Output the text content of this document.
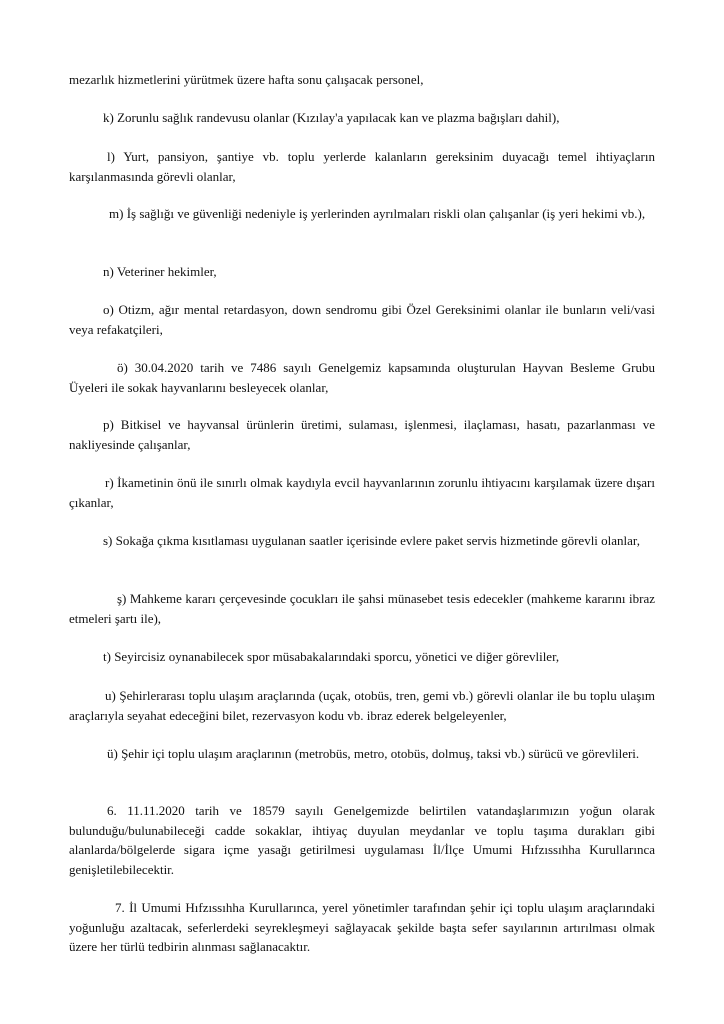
mezarlık hizmetlerini yürütmek üzere hafta sonu çalışacak personel,

k) Zorunlu sağlık randevusu olanlar (Kızılay'a yapılacak kan ve plazma bağışları dahil),

l) Yurt, pansiyon, şantiye vb. toplu yerlerde kalanların gereksinim duyacağı temel ihtiyaçların karşılanmasında görevli olanlar,

m) İş sağlığı ve güvenliği nedeniyle iş yerlerinden ayrılmaları riskli olan çalışanlar (iş yeri hekimi vb.),

n) Veteriner hekimler,

o) Otizm, ağır mental retardasyon, down sendromu gibi Özel Gereksinimi olanlar ile bunların veli/vasi veya refakatçileri,

ö) 30.04.2020 tarih ve 7486 sayılı Genelgemiz kapsamında oluşturulan Hayvan Besleme Grubu Üyeleri ile sokak hayvanlarını besleyecek olanlar,

p) Bitkisel ve hayvansal ürünlerin üretimi, sulaması, işlenmesi, ilaçlaması, hasatı, pazarlanması ve nakliyesinde çalışanlar,

r) İkametinin önü ile sınırlı olmak kaydıyla evcil hayvanlarının zorunlu ihtiyacını karşılamak üzere dışarı çıkanlar,

s) Sokağa çıkma kısıtlaması uygulanan saatler içerisinde evlere paket servis hizmetinde görevli olanlar,

ş) Mahkeme kararı çerçevesinde çocukları ile şahsi münasebet tesis edecekler (mahkeme kararını ibraz etmeleri şartı ile),

t) Seyircisiz oynanabilecek spor müsabakalarındaki sporcu, yönetici ve diğer görevliler,

u) Şehirlerarası toplu ulaşım araçlarında (uçak, otobüs, tren, gemi vb.) görevli olanlar ile bu toplu ulaşım araçlarıyla seyahat edeceğini bilet, rezervasyon kodu vb. ibraz ederek belgeleyenler,

ü) Şehir içi toplu ulaşım araçlarının (metrobüs, metro, otobüs, dolmuş, taksi vb.) sürücü ve görevlileri.

6. 11.11.2020 tarih ve 18579 sayılı Genelgemizde belirtilen vatandaşlarımızın yoğun olarak bulunduğu/bulunabileceği cadde sokaklar, ihtiyaç duyulan meydanlar ve toplu taşıma durakları gibi alanlarda/bölgelerde sigara içme yasağı getirilmesi uygulaması İl/İlçe Umumi Hıfzıssıhha Kurullarınca genişletilebilecektir.

7. İl Umumi Hıfzıssıhha Kurullarınca, yerel yönetimler tarafından şehir içi toplu ulaşım araçlarındaki yoğunluğu azaltacak, seferlerdeki seyrekleşmeyi sağlayacak şekilde başta sefer sayılarının artırılması olmak üzere her türlü tedbirin alınması sağlanacaktır.
